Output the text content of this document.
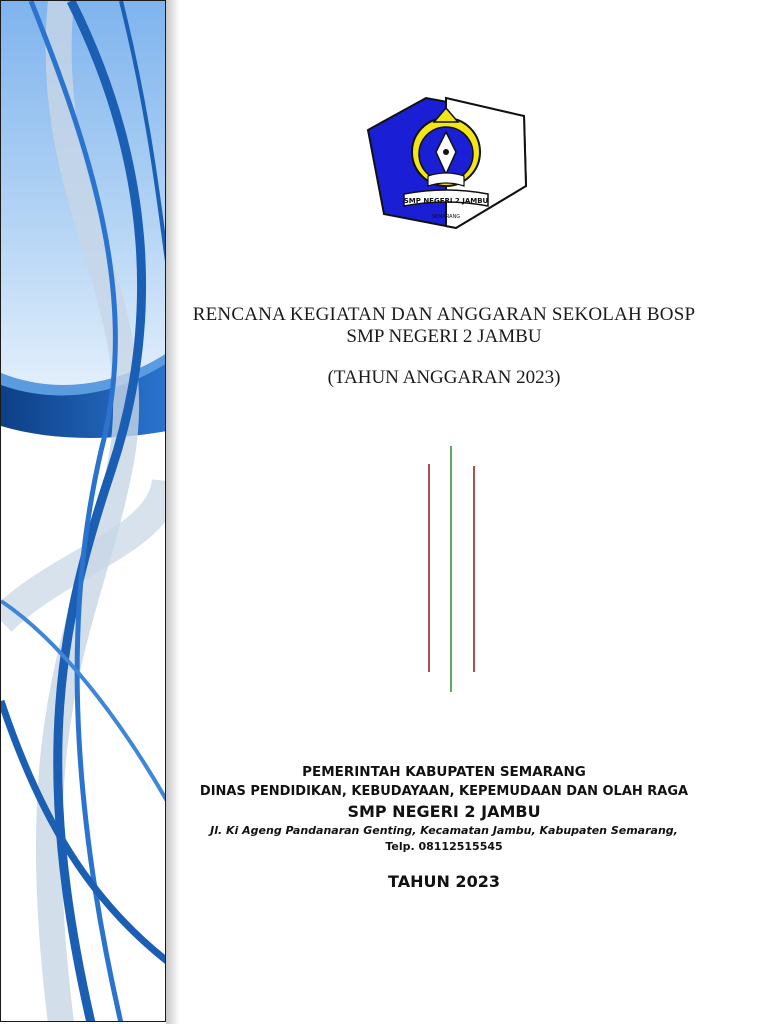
SMP NEGERI 2 JAMBU
SEMARANG
RENCANA KEGIATAN DAN ANGGARAN SEKOLAH BOSP
SMP NEGERI 2 JAMBU
(TAHUN ANGGARAN 2023)
PEMERINTAH KABUPATEN SEMARANG
DINAS PENDIDIKAN, KEBUDAYAAN, KEPEMUDAAN DAN OLAH RAGA
SMP NEGERI 2 JAMBU
Jl. Ki Ageng Pandanaran Genting, Kecamatan Jambu, Kabupaten Semarang,
Telp. 08112515545
TAHUN 2023
